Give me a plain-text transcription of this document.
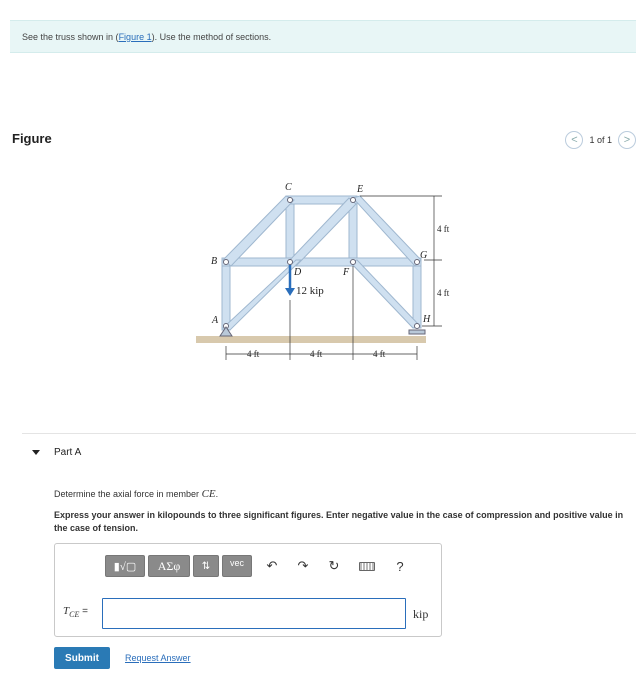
See the truss shown in (Figure 1). Use the method of sections.
Figure	< 1 of 1 >
C	E
B
D	F
G
A	H
12 kip
4 ft
4 ft
4 ft	4 ft	4 ft
Part A
Determine the axial force in member CE.
Express your answer in kilopounds to three significant figures. Enter negative value in the case of compression and positive value in the case of tension.
▮√▢	ΑΣφ	⇅	vec	↶	↷	↻	?
$T_{CE}$ =	kip
Submit	Request Answer
